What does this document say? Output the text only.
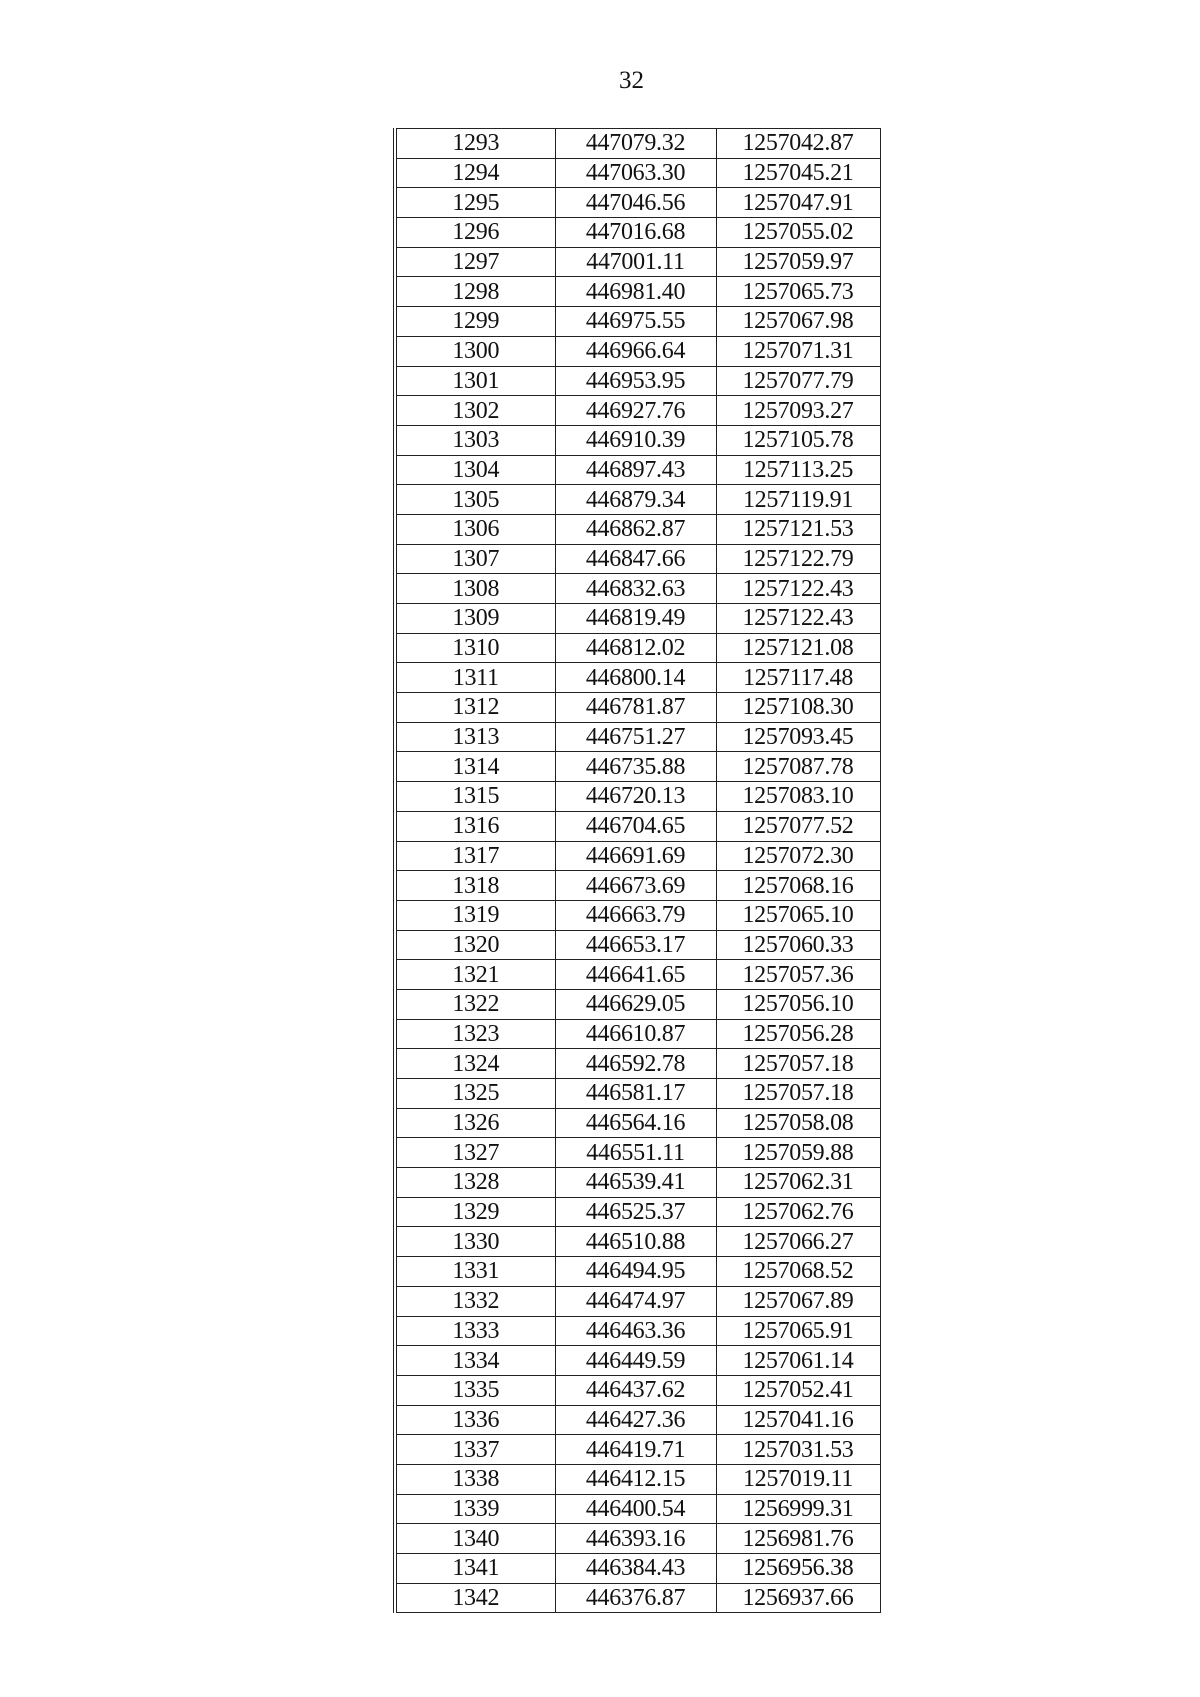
32
1293	447079.32	1257042.87
1294	447063.30	1257045.21
1295	447046.56	1257047.91
1296	447016.68	1257055.02
1297	447001.11	1257059.97
1298	446981.40	1257065.73
1299	446975.55	1257067.98
1300	446966.64	1257071.31
1301	446953.95	1257077.79
1302	446927.76	1257093.27
1303	446910.39	1257105.78
1304	446897.43	1257113.25
1305	446879.34	1257119.91
1306	446862.87	1257121.53
1307	446847.66	1257122.79
1308	446832.63	1257122.43
1309	446819.49	1257122.43
1310	446812.02	1257121.08
1311	446800.14	1257117.48
1312	446781.87	1257108.30
1313	446751.27	1257093.45
1314	446735.88	1257087.78
1315	446720.13	1257083.10
1316	446704.65	1257077.52
1317	446691.69	1257072.30
1318	446673.69	1257068.16
1319	446663.79	1257065.10
1320	446653.17	1257060.33
1321	446641.65	1257057.36
1322	446629.05	1257056.10
1323	446610.87	1257056.28
1324	446592.78	1257057.18
1325	446581.17	1257057.18
1326	446564.16	1257058.08
1327	446551.11	1257059.88
1328	446539.41	1257062.31
1329	446525.37	1257062.76
1330	446510.88	1257066.27
1331	446494.95	1257068.52
1332	446474.97	1257067.89
1333	446463.36	1257065.91
1334	446449.59	1257061.14
1335	446437.62	1257052.41
1336	446427.36	1257041.16
1337	446419.71	1257031.53
1338	446412.15	1257019.11
1339	446400.54	1256999.31
1340	446393.16	1256981.76
1341	446384.43	1256956.38
1342	446376.87	1256937.66
